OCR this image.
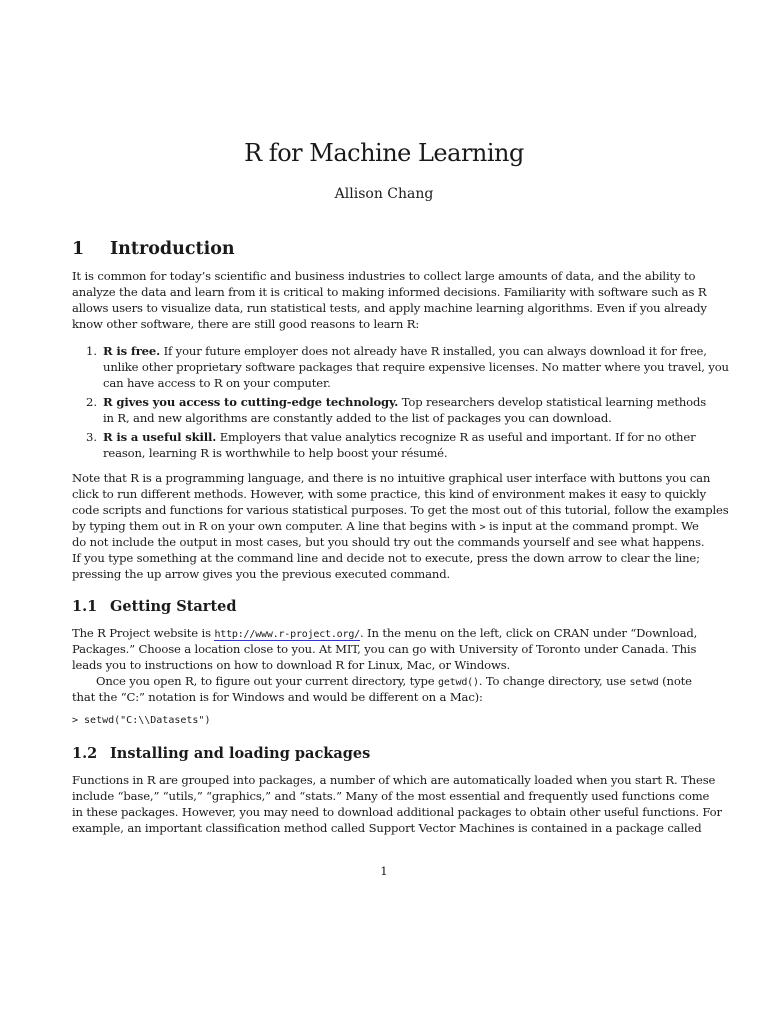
R for Machine Learning
Allison Chang
1 Introduction
It is common for today’s scientific and business industries to collect large amounts of data, and the ability to
analyze the data and learn from it is critical to making informed decisions. Familiarity with software such as R
allows users to visualize data, run statistical tests, and apply machine learning algorithms. Even if you already
know other software, there are still good reasons to learn R:
1. R is free. If your future employer does not already have R installed, you can always download it for free,
unlike other proprietary software packages that require expensive licenses. No matter where you travel, you
can have access to R on your computer.
2. R gives you access to cutting-edge technology. Top researchers develop statistical learning methods
in R, and new algorithms are constantly added to the list of packages you can download.
3. R is a useful skill. Employers that value analytics recognize R as useful and important. If for no other
reason, learning R is worthwhile to help boost your résumé.
Note that R is a programming language, and there is no intuitive graphical user interface with buttons you can
click to run different methods. However, with some practice, this kind of environment makes it easy to quickly
code scripts and functions for various statistical purposes. To get the most out of this tutorial, follow the examples
by typing them out in R on your own computer. A line that begins with > is input at the command prompt. We
do not include the output in most cases, but you should try out the commands yourself and see what happens.
If you type something at the command line and decide not to execute, press the down arrow to clear the line;
pressing the up arrow gives you the previous executed command.
1.1 Getting Started
The R Project website is http://www.r-project.org/. In the menu on the left, click on CRAN under “Download,
Packages.” Choose a location close to you. At MIT, you can go with University of Toronto under Canada. This
leads you to instructions on how to download R for Linux, Mac, or Windows.
Once you open R, to figure out your current directory, type getwd(). To change directory, use setwd (note
that the “C:” notation is for Windows and would be different on a Mac):
> setwd("C:\\Datasets")
1.2 Installing and loading packages
Functions in R are grouped into packages, a number of which are automatically loaded when you start R. These
include “base,” “utils,” “graphics,” and “stats.” Many of the most essential and frequently used functions come
in these packages. However, you may need to download additional packages to obtain other useful functions. For
example, an important classification method called Support Vector Machines is contained in a package called
1
